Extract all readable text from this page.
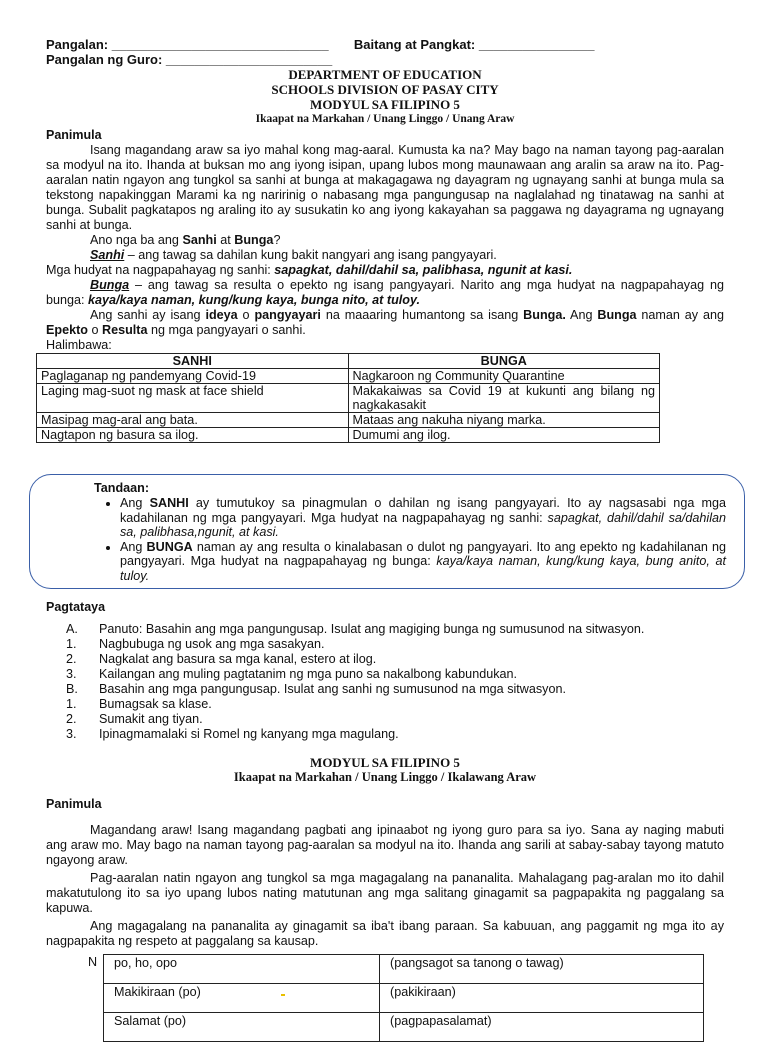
Pangalan: ______________________________ Baitang at Pangkat: ________________
Pangalan ng Guro: _______________________
DEPARTMENT OF EDUCATION
SCHOOLS DIVISION OF PASAY CITY
MODYUL SA FILIPINO 5
Ikaapat na Markahan / Unang Linggo / Unang Araw
Panimula

Isang magandang araw sa iyo mahal kong mag-aaral. Kumusta ka na? May bago na naman tayong pag-aaralan sa modyul na ito. Ihanda at buksan mo ang iyong isipan, upang lubos mong maunawaan ang aralin sa araw na ito. Pag-aaralan natin ngayon ang tungkol sa sanhi at bunga at makagagawa ng dayagram ng ugnayang sanhi at bunga mula sa tekstong napakinggan Marami ka ng naririnig o nabasang mga pangungusap na naglalahad ng tinatawag na sanhi at bunga. Subalit pagkatapos ng araling ito ay susukatin ko ang iyong kakayahan sa paggawa ng dayagrama ng ugnayang sanhi at bunga.

Ano nga ba ang Sanhi at Bunga?

Sanhi – ang tawag sa dahilan kung bakit nangyari ang isang pangyayari.

Mga hudyat na nagpapahayag ng sanhi: sapagkat, dahil/dahil sa, palibhasa, ngunit at kasi.

Bunga – ang tawag sa resulta o epekto ng isang pangyayari. Narito ang mga hudyat na nagpapahayag ng bunga: kaya/kaya naman, kung/kung kaya, bunga nito, at tuloy.

Ang sanhi ay isang ideya o pangyayari na maaaring humantong sa isang Bunga. Ang Bunga naman ay ang Epekto o Resulta ng mga pangyayari o sanhi.

Halimbawa:

SANHI	BUNGA
Paglaganap ng pandemyang Covid-19	Nagkaroon ng Community Quarantine
Laging mag-suot ng mask at face shield	Makakaiwas sa Covid 19 at kukunti ang bilang ng nagkakasakit
Masipag mag-aral ang bata.	Mataas ang nakuha niyang marka.
Nagtapon ng basura sa ilog.	Dumumi ang ilog.
Tandaan:
• Ang SANHI ay tumutukoy sa pinagmulan o dahilan ng isang pangyayari. Ito ay nagsasabi nga mga kadahilanan ng mga pangyayari. Mga hudyat na nagpapahayag ng sanhi: sapagkat, dahil/dahil sa/dahilan sa, palibhasa,ngunit, at kasi.
• Ang BUNGA naman ay ang resulta o kinalabasan o dulot ng pangyayari. Ito ang epekto ng kadahilanan ng pangyayari. Mga hudyat na nagpapahayag ng bunga: kaya/kaya naman, kung/kung kaya, bung anito, at tuloy.
Pagtataya
A.	Panuto: Basahin ang mga pangungusap. Isulat ang magiging bunga ng sumusunod na sitwasyon.
1.	Nagbubuga ng usok ang mga sasakyan.
2.	Nagkalat ang basura sa mga kanal, estero at ilog.
3.	Kailangan ang muling pagtatanim ng mga puno sa nakalbong kabundukan.
B.	Basahin ang mga pangungusap. Isulat ang sanhi ng sumusunod na mga sitwasyon.
1.	Bumagsak sa klase.
2.	Sumakit ang tiyan.
3.	Ipinagmamalaki si Romel ng kanyang mga magulang.
MODYUL SA FILIPINO 5
Ikaapat na Markahan / Unang Linggo / Ikalawang Araw
Panimula

Magandang araw! Isang magandang pagbati ang ipinaabot ng iyong guro para sa iyo. Sana ay naging mabuti ang araw mo. May bago na naman tayong pag-aaralan sa modyul na ito. Ihanda ang sarili at sabay-sabay tayong matuto ngayong araw.

Pag-aaralan natin ngayon ang tungkol sa mga magagalang na pananalita. Mahalagang pag-aralan mo ito dahil makatutulong ito sa iyo upang lubos nating matutunan ang mga salitang ginagamit sa pagpapakita ng paggalang sa kapuwa.

Ang magagalang na pananalita ay ginagamit sa iba't ibang paraan. Sa kabuuan, ang paggamit ng mga ito ay nagpapakita ng respeto at paggalang sa kausap.

N po, ho, opo	(pangsagot sa tanong o tawag)
Makikiraan (po)	(pakikiraan)
Salamat (po)	(pagpapasalamat)
